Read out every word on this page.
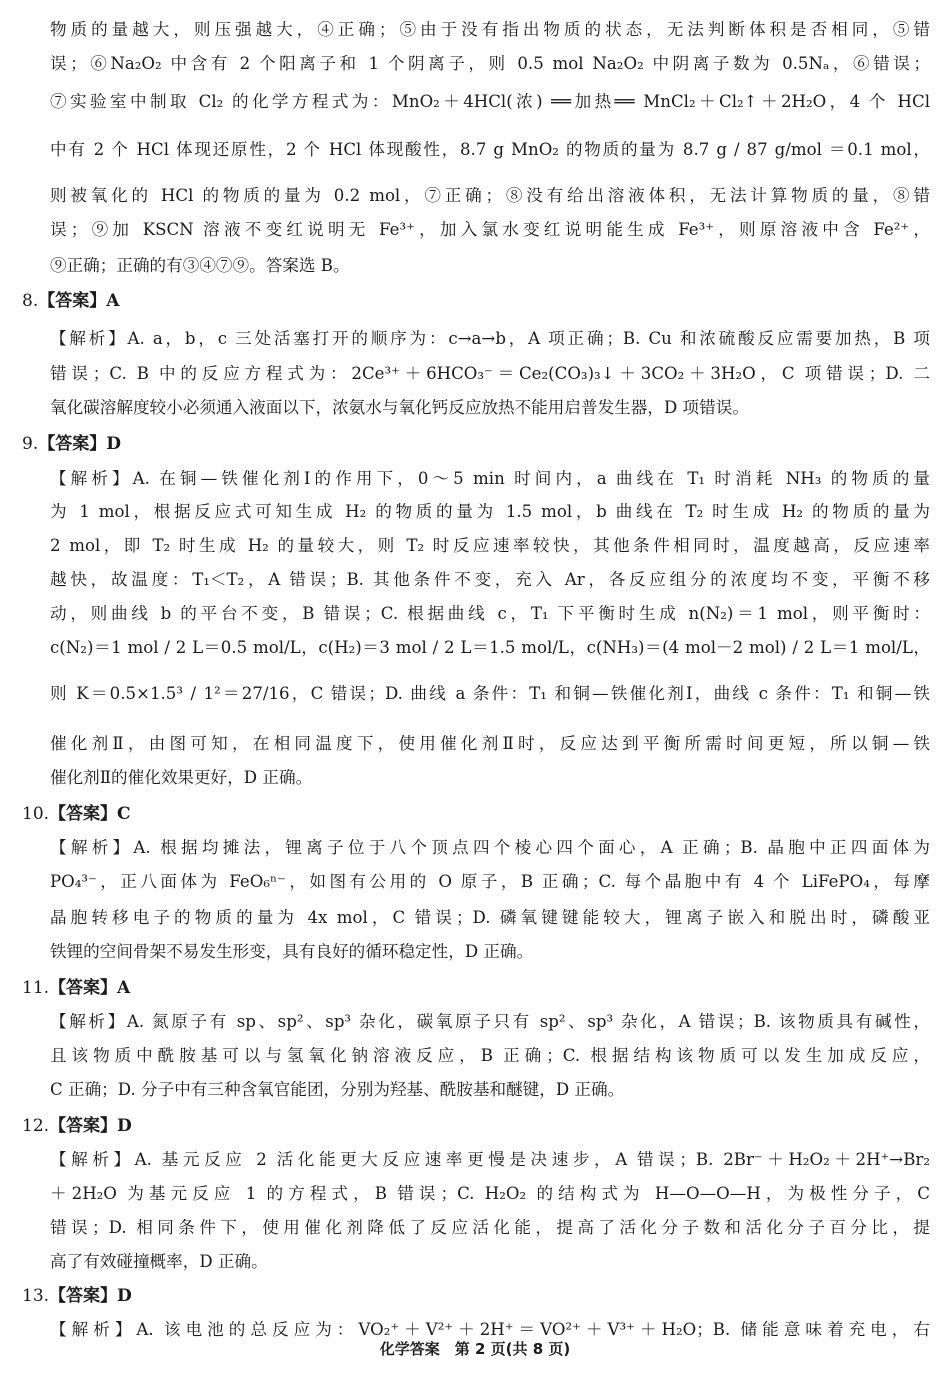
物质的量越大，则压强越大，④正确；⑤由于没有指出物质的状态，无法判断体积是否相同，⑤错
误；⑥Na₂O₂ 中含有 2 个阳离子和 1 个阴离子，则 0.5 mol Na₂O₂ 中阴离子数为 0.5Nₐ，⑥错误；
⑦实验室中制取 Cl₂ 的化学方程式为：MnO₂＋4HCl(浓) ══加热══ MnCl₂＋Cl₂↑＋2H₂O，4 个 HCl
中有 2 个 HCl 体现还原性，2 个 HCl 体现酸性，8.7 g MnO₂ 的物质的量为 8.7 g / 87 g/mol ＝0.1 mol，
则被氧化的 HCl 的物质的量为 0.2 mol，⑦正确；⑧没有给出溶液体积，无法计算物质的量，⑧错
误；⑨加 KSCN 溶液不变红说明无 Fe³⁺，加入氯水变红说明能生成 Fe³⁺，则原溶液中含 Fe²⁺，
⑨正确；正确的有③④⑦⑨。答案选 B。
8.【答案】A
【解析】A. a，b，c 三处活塞打开的顺序为：c→a→b，A 项正确；B. Cu 和浓硫酸反应需要加热，B 项
错误；C. B 中的反应方程式为：2Ce³⁺＋6HCO₃⁻＝Ce₂(CO₃)₃↓＋3CO₂＋3H₂O，C 项错误；D. 二
氧化碳溶解度较小必须通入液面以下，浓氨水与氧化钙反应放热不能用启普发生器，D 项错误。
9.【答案】D
【解析】A. 在铜—铁催化剂Ⅰ的作用下，0～5 min 时间内，a 曲线在 T₁ 时消耗 NH₃ 的物质的量
为 1 mol，根据反应式可知生成 H₂ 的物质的量为 1.5 mol，b 曲线在 T₂ 时生成 H₂ 的物质的量为
2 mol，即 T₂ 时生成 H₂ 的量较大，则 T₂ 时反应速率较快，其他条件相同时，温度越高，反应速率
越快，故温度：T₁＜T₂，A 错误；B. 其他条件不变，充入 Ar，各反应组分的浓度均不变，平衡不移
动，则曲线 b 的平台不变，B 错误；C. 根据曲线 c，T₁ 下平衡时生成 n(N₂)＝1 mol，则平衡时：
c(N₂)＝1 mol / 2 L＝0.5 mol/L，c(H₂)＝3 mol / 2 L＝1.5 mol/L，c(NH₃)＝(4 mol－2 mol) / 2 L＝1 mol/L，
则 K＝0.5×1.5³ / 1²＝27/16，C 错误；D. 曲线 a 条件：T₁ 和铜—铁催化剂Ⅰ，曲线 c 条件：T₁ 和铜—铁
催化剂Ⅱ，由图可知，在相同温度下，使用催化剂Ⅱ时，反应达到平衡所需时间更短，所以铜—铁
催化剂Ⅱ的催化效果更好，D 正确。
10.【答案】C
【解析】A. 根据均摊法，锂离子位于八个顶点四个棱心四个面心，A 正确；B. 晶胞中正四面体为
PO₄³⁻，正八面体为 FeO₆ⁿ⁻，如图有公用的 O 原子，B 正确；C. 每个晶胞中有 4 个 LiFePO₄，每摩
晶胞转移电子的物质的量为 4x mol，C 错误；D. 磷氧键键能较大，锂离子嵌入和脱出时，磷酸亚
铁锂的空间骨架不易发生形变，具有良好的循环稳定性，D 正确。
11.【答案】A
【解析】A. 氮原子有 sp、sp²、sp³ 杂化，碳氧原子只有 sp²、sp³ 杂化，A 错误；B. 该物质具有碱性，
且该物质中酰胺基可以与氢氧化钠溶液反应，B 正确；C. 根据结构该物质可以发生加成反应，
C 正确；D. 分子中有三种含氧官能团，分别为羟基、酰胺基和醚键，D 正确。
12.【答案】D
【解析】A. 基元反应 2 活化能更大反应速率更慢是决速步，A 错误；B. 2Br⁻＋H₂O₂＋2H⁺→Br₂
＋2H₂O 为基元反应 1 的方程式，B 错误；C. H₂O₂ 的结构式为 H—O—O—H，为极性分子，C
错误；D. 相同条件下，使用催化剂降低了反应活化能，提高了活化分子数和活化分子百分比，提
高了有效碰撞概率，D 正确。
13.【答案】D
【解析】A. 该电池的总反应为：VO₂⁺＋V²⁺＋2H⁺＝VO²⁺＋V³⁺＋H₂O；B. 储能意味着充电，右
化学答案　第 2 页(共 8 页)
